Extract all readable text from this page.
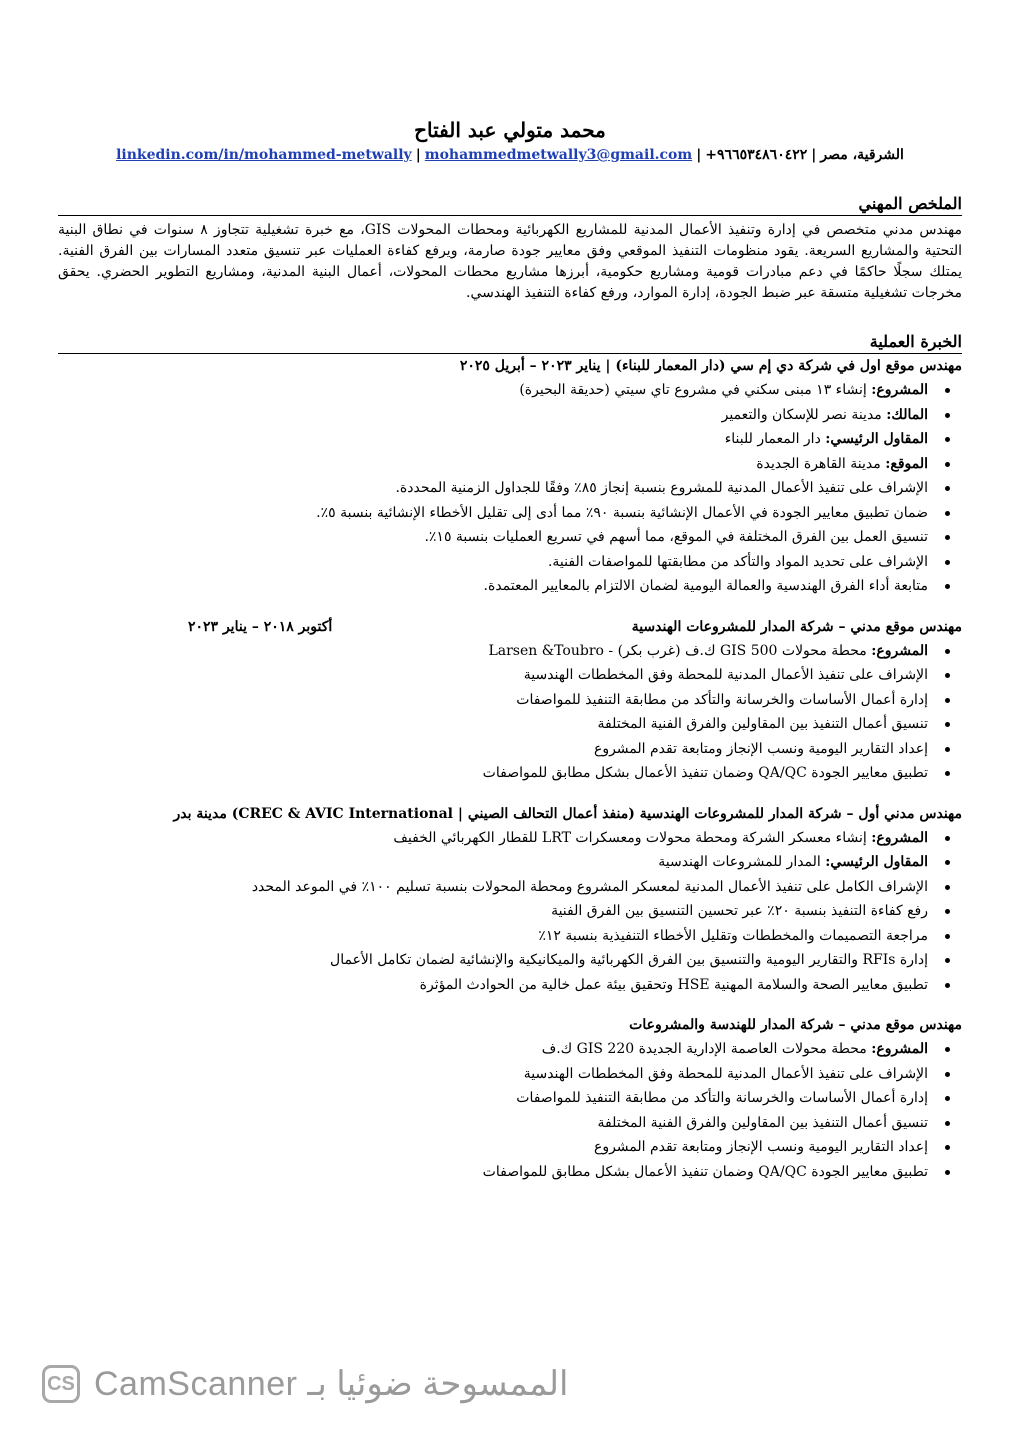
محمد متولي عبد الفتاح

الشرقية، مصر|+٩٦٦٥٣٤٨٦٠٤٢٢|mohammedmetwally3@gmail.com|linkedin.com/in/mohammed-metwally

الملخص المهني

مهندس مدني متخصص في إدارة وتنفيذ الأعمال المدنية للمشاريع الكهربائية ومحطات المحولات GIS، مع خبرة تشغيلية تتجاوز ٨ سنوات في نطاق البنية التحتية والمشاريع السريعة. يقود منظومات التنفيذ الموقعي وفق معايير جودة صارمة، ويرفع كفاءة العمليات عبر تنسيق متعدد المسارات بين الفرق الفنية. يمتلك سجلًا حاكمًا في دعم مبادرات قومية ومشاريع حكومية، أبرزها مشاريع محطات المحولات، أعمال البنية المدنية، ومشاريع التطوير الحضري. يحقق مخرجات تشغيلية متسقة عبر ضبط الجودة، إدارة الموارد، ورفع كفاءة التنفيذ الهندسي.

الخبرة العملية
مهندس موقع اول في شركة دي إم سي (دار المعمار للبناء) | يناير ٢٠٢٣ – أبريل ٢٠٢٥
المشروع: إنشاء ١٣ مبنى سكني في مشروع تاي سيتي (حديقة البحيرة)
المالك: مدينة نصر للإسكان والتعمير
المقاول الرئيسي: دار المعمار للبناء
الموقع: مدينة القاهرة الجديدة
الإشراف على تنفيذ الأعمال المدنية للمشروع بنسبة إنجاز ٨٥٪ وفقًا للجداول الزمنية المحددة.
ضمان تطبيق معايير الجودة في الأعمال الإنشائية بنسبة ٩٠٪ مما أدى إلى تقليل الأخطاء الإنشائية بنسبة ٥٪.
تنسيق العمل بين الفرق المختلفة في الموقع، مما أسهم في تسريع العمليات بنسبة ١٥٪.
الإشراف على تحديد المواد والتأكد من مطابقتها للمواصفات الفنية.
متابعة أداء الفرق الهندسية والعمالة اليومية لضمان الالتزام بالمعايير المعتمدة.
مهندس موقع مدني – شركة المدار للمشروعات الهندسية
أكتوبر ٢٠١٨ – يناير ٢٠٢٣
المشروع: محطة محولات GIS 500 ك.ف (غرب بكر) - Larsen &Toubro
الإشراف على تنفيذ الأعمال المدنية للمحطة وفق المخططات الهندسية
إدارة أعمال الأساسات والخرسانة والتأكد من مطابقة التنفيذ للمواصفات
تنسيق أعمال التنفيذ بين المقاولين والفرق الفنية المختلفة
إعداد التقارير اليومية ونسب الإنجاز ومتابعة تقدم المشروع
تطبيق معايير الجودة QA/QC وضمان تنفيذ الأعمال بشكل مطابق للمواصفات
مهندس مدني أول – شركة المدار للمشروعات الهندسية (منفذ أعمال التحالف الصيني | CREC & AVIC International) مدينة بدر
المشروع: إنشاء معسكر الشركة ومحطة محولات ومعسكرات LRT للقطار الكهربائي الخفيف
المقاول الرئيسي: المدار للمشروعات الهندسية
الإشراف الكامل على تنفيذ الأعمال المدنية لمعسكر المشروع ومحطة المحولات بنسبة تسليم ١٠٠٪ في الموعد المحدد
رفع كفاءة التنفيذ بنسبة ٢٠٪ عبر تحسين التنسيق بين الفرق الفنية
مراجعة التصميمات والمخططات وتقليل الأخطاء التنفيذية بنسبة ١٢٪
إدارة RFIs والتقارير اليومية والتنسيق بين الفرق الكهربائية والميكانيكية والإنشائية لضمان تكامل الأعمال
تطبيق معايير الصحة والسلامة المهنية HSE وتحقيق بيئة عمل خالية من الحوادث المؤثرة
مهندس موقع مدني – شركة المدار للهندسة والمشروعات
المشروع: محطة محولات العاصمة الإدارية الجديدة GIS 220 ك.ف
الإشراف على تنفيذ الأعمال المدنية للمحطة وفق المخططات الهندسية
إدارة أعمال الأساسات والخرسانة والتأكد من مطابقة التنفيذ للمواصفات
تنسيق أعمال التنفيذ بين المقاولين والفرق الفنية المختلفة
إعداد التقارير اليومية ونسب الإنجاز ومتابعة تقدم المشروع
تطبيق معايير الجودة QA/QC وضمان تنفيذ الأعمال بشكل مطابق للمواصفات
CS CamScanner الممسوحة ضوئيا بـ
